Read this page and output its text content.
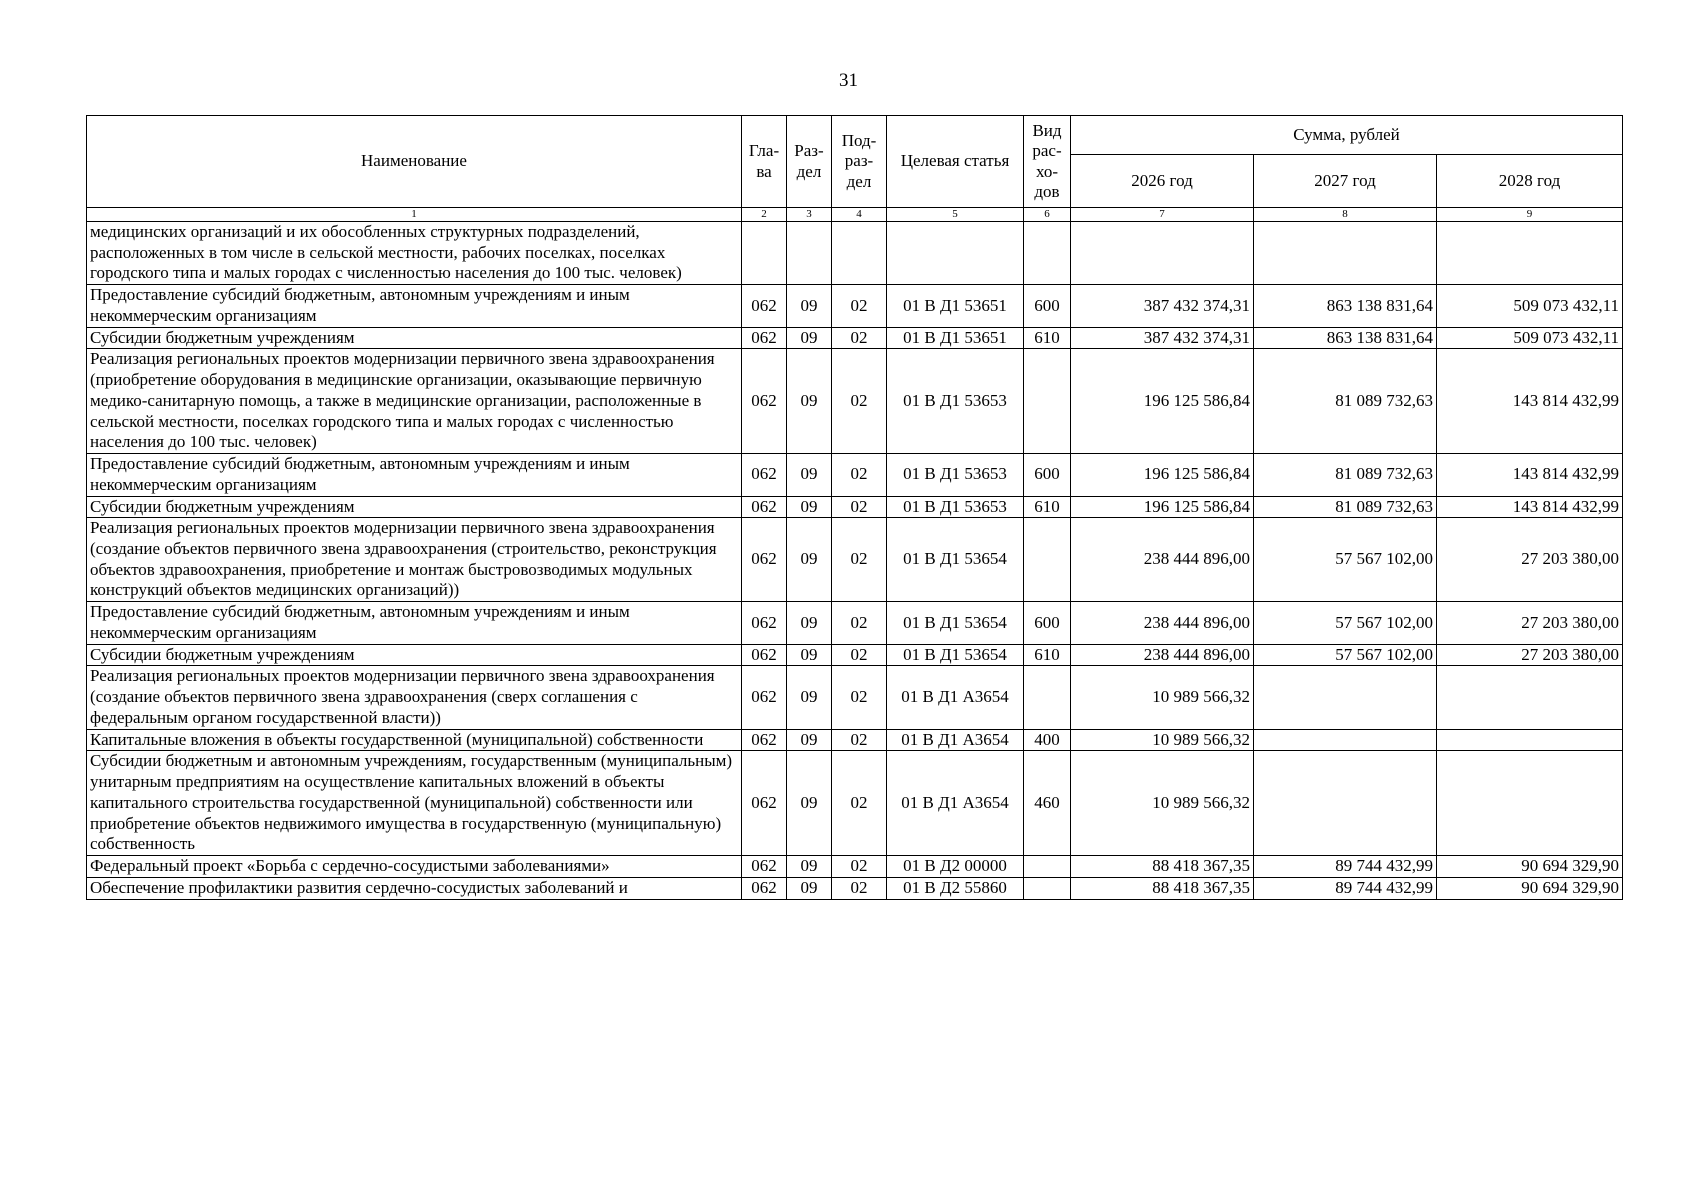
31
Наименование	Гла-ва	Раз-дел	Под-раз-дел	Целевая статья	Вид рас-хо-дов	Сумма, рублей		
						2026 год	2027 год	2028 год
1	2	3	4	5	6	7	8	9
медицинских организаций и их обособленных структурных подразделений, расположенных в том числе в сельской местности, рабочих поселках, поселках городского типа и малых городах с численностью населения до 100 тыс. человек)								
Предоставление субсидий бюджетным, автономным учреждениям и иным некоммерческим организациям	062	09	02	01 В Д1 53651	600	387 432 374,31	863 138 831,64	509 073 432,11
Субсидии бюджетным учреждениям	062	09	02	01 В Д1 53651	610	387 432 374,31	863 138 831,64	509 073 432,11
Реализация региональных проектов модернизации первичного звена здравоохранения (приобретение оборудования в медицинские организации, оказывающие первичную медико-санитарную помощь, а также в медицинские организации, расположенные в сельской местности, поселках городского типа и малых городах с численностью населения до 100 тыс. человек)	062	09	02	01 В Д1 53653		196 125 586,84	81 089 732,63	143 814 432,99
Предоставление субсидий бюджетным, автономным учреждениям и иным некоммерческим организациям	062	09	02	01 В Д1 53653	600	196 125 586,84	81 089 732,63	143 814 432,99
Субсидии бюджетным учреждениям	062	09	02	01 В Д1 53653	610	196 125 586,84	81 089 732,63	143 814 432,99
Реализация региональных проектов модернизации первичного звена здравоохранения (создание объектов первичного звена здравоохранения (строительство, реконструкция объектов здравоохранения, приобретение и монтаж быстровозводимых модульных конструкций объектов медицинских организаций))	062	09	02	01 В Д1 53654		238 444 896,00	57 567 102,00	27 203 380,00
Предоставление субсидий бюджетным, автономным учреждениям и иным некоммерческим организациям	062	09	02	01 В Д1 53654	600	238 444 896,00	57 567 102,00	27 203 380,00
Субсидии бюджетным учреждениям	062	09	02	01 В Д1 53654	610	238 444 896,00	57 567 102,00	27 203 380,00
Реализация региональных проектов модернизации первичного звена здравоохранения (создание объектов первичного звена здравоохранения (сверх соглашения с федеральным органом государственной власти))	062	09	02	01 В Д1 А3654		10 989 566,32		
Капитальные вложения в объекты государственной (муниципальной) собственности	062	09	02	01 В Д1 А3654	400	10 989 566,32		
Субсидии бюджетным и автономным учреждениям, государственным (муниципальным) унитарным предприятиям на осуществление капитальных вложений в объекты капитального строительства государственной (муниципальной) собственности или приобретение объектов недвижимого имущества в государственную (муниципальную) собственность	062	09	02	01 В Д1 А3654	460	10 989 566,32		
Федеральный проект «Борьба с сердечно-сосудистыми заболеваниями»	062	09	02	01 В Д2 00000		88 418 367,35	89 744 432,99	90 694 329,90
Обеспечение профилактики развития сердечно-сосудистых заболеваний и	062	09	02	01 В Д2 55860		88 418 367,35	89 744 432,99	90 694 329,90
